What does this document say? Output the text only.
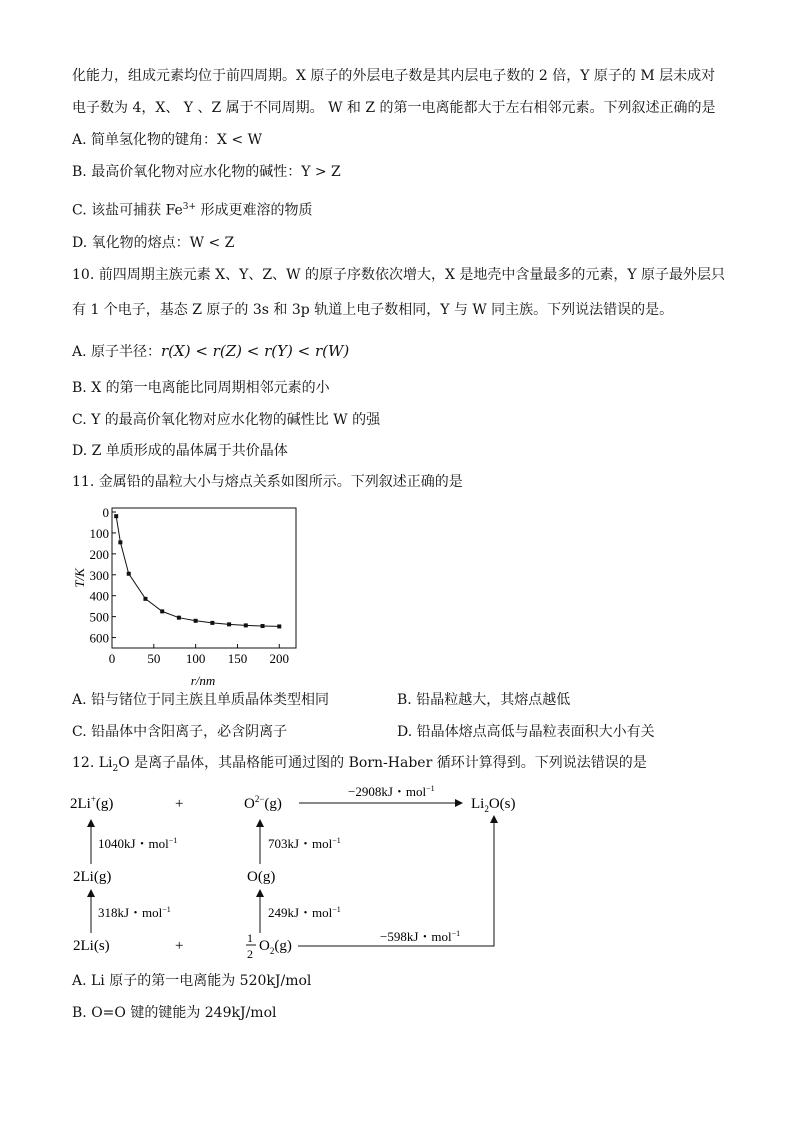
化能力，组成元素均位于前四周期。X 原子的外层电子数是其内层电子数的 2 倍，Y 原子的 M 层未成对
电子数为 4，X、 Y 、Z 属于不同周期。 W 和 Z 的第一电离能都大于左右相邻元素。下列叙述正确的是
A. 简单氢化物的键角：X < W
B. 最高价氧化物对应水化物的碱性：Y > Z
C. 该盐可捕获 $Fe^{3+}$ 形成更难溶的物质
D. 氧化物的熔点：W < Z
10. 前四周期主族元素 X、Y、Z、W 的原子序数依次增大，X 是地壳中含量最多的元素，Y 原子最外层只
有 1 个电子，基态 Z 原子的 3s 和 3p 轨道上电子数相同，Y 与 W 同主族。下列说法错误的是。
A. 原子半径：r(X) < r(Z) < r(Y) < r(W)
B. X 的第一电离能比同周期相邻元素的小
C. Y 的最高价氧化物对应水化物的碱性比 W 的强
D. Z 单质形成的晶体属于共价晶体
11. 金属铅的晶粒大小与熔点关系如图所示。下列叙述正确的是
0
100
200
300
400
500
600
0 50 100 150 200
T/K
r/nm
A. 铅与锗位于同主族且单质晶体类型相同	B. 铅晶粒越大，其熔点越低
C. 铅晶体中含阳离子，必含阴离子	D. 铅晶体熔点高低与晶粒表面积大小有关
12. $Li_2O$ 是离子晶体，其晶格能可通过图的 Born-Haber 循环计算得到。下列说法错误的是
2Li+(g)	+	$O^{2-}(g)$	$Li_2O(s)$
2Li(g)	O(g)
2Li(s)	+	1
2 $O_2(g)$
−2908kJ・mol$^{-1}$
1040kJ・mol$^{-1}$	703kJ・mol$^{-1}$
318kJ・mol$^{-1}$	249kJ・mol$^{-1}$
−598kJ・mol$^{-1}$
A. Li 原子的第一电离能为 520kJ/mol
B. O=O 键的键能为 249kJ/mol
